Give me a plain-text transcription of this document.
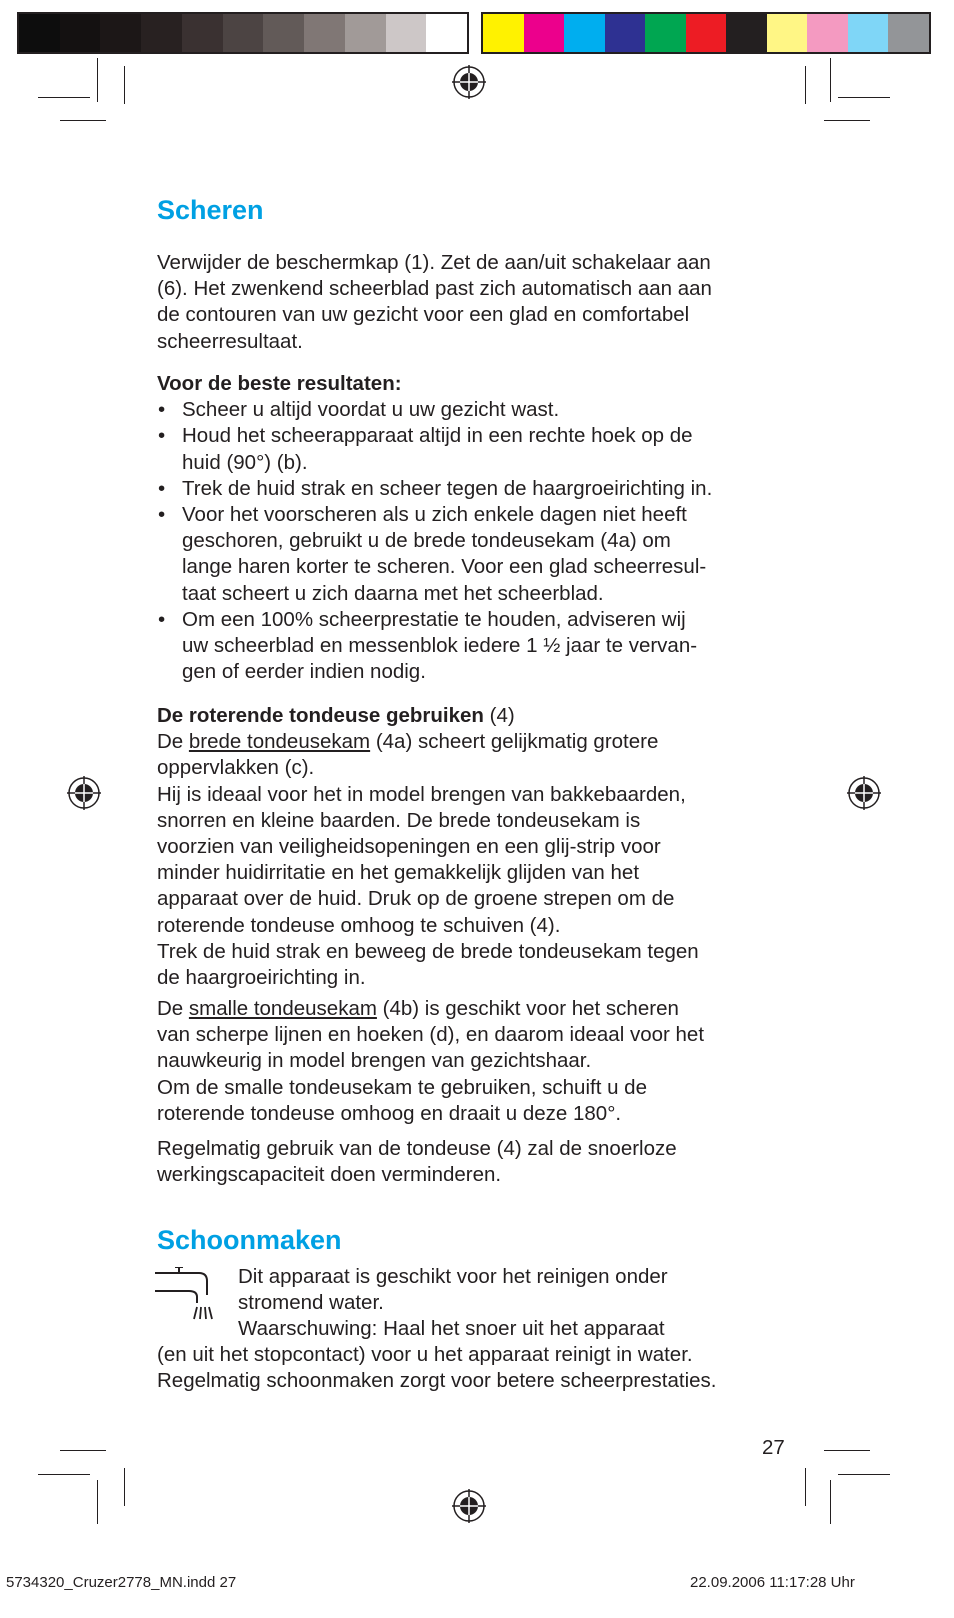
Scheren
Verwijder de beschermkap (1). Zet de aan/uit schakelaar aan
(6). Het zwenkend scheerblad past zich automatisch aan aan
de contouren van uw gezicht voor een glad en comfortabel
scheerresultaat.
Voor de beste resultaten:
• Scheer u altijd voordat u uw gezicht wast.
• Houd het scheerapparaat altijd in een rechte hoek op de
huid (90°) (b).
• Trek de huid strak en scheer tegen de haargroeirichting in.
• Voor het voorscheren als u zich enkele dagen niet heeft
geschoren, gebruikt u de brede tondeusekam (4a) om
lange haren korter te scheren. Voor een glad scheerresul-
taat scheert u zich daarna met het scheerblad.
• Om een 100% scheerprestatie te houden, adviseren wij
uw scheerblad en messenblok iedere 1 ½ jaar te vervan-
gen of eerder indien nodig.
De roterende tondeuse gebruiken (4)
De brede tondeusekam (4a) scheert gelijkmatig grotere
oppervlakken (c).
Hij is ideaal voor het in model brengen van bakkebaarden,
snorren en kleine baarden. De brede tondeusekam is
voorzien van veiligheidsopeningen en een glij-strip voor
minder huidirritatie en het gemakkelijk glijden van het
apparaat over de huid. Druk op de groene strepen om de
roterende tondeuse omhoog te schuiven (4).
Trek de huid strak en beweeg de brede tondeusekam tegen
de haargroeirichting in.
De smalle tondeusekam (4b) is geschikt voor het scheren
van scherpe lijnen en hoeken (d), en daarom ideaal voor het
nauwkeurig in model brengen van gezichtshaar.
Om de smalle tondeusekam te gebruiken, schuift u de
roterende tondeuse omhoog en draait u deze 180°.
Regelmatig gebruik van de tondeuse (4) zal de snoerloze
werkingscapaciteit doen verminderen.
Schoonmaken
Dit apparaat is geschikt voor het reinigen onder
stromend water.
Waarschuwing: Haal het snoer uit het apparaat
(en uit het stopcontact) voor u het apparaat reinigt in water.
Regelmatig schoonmaken zorgt voor betere scheerprestaties.
27
5734320_Cruzer2778_MN.indd 27	22.09.2006 11:17:28 Uhr
